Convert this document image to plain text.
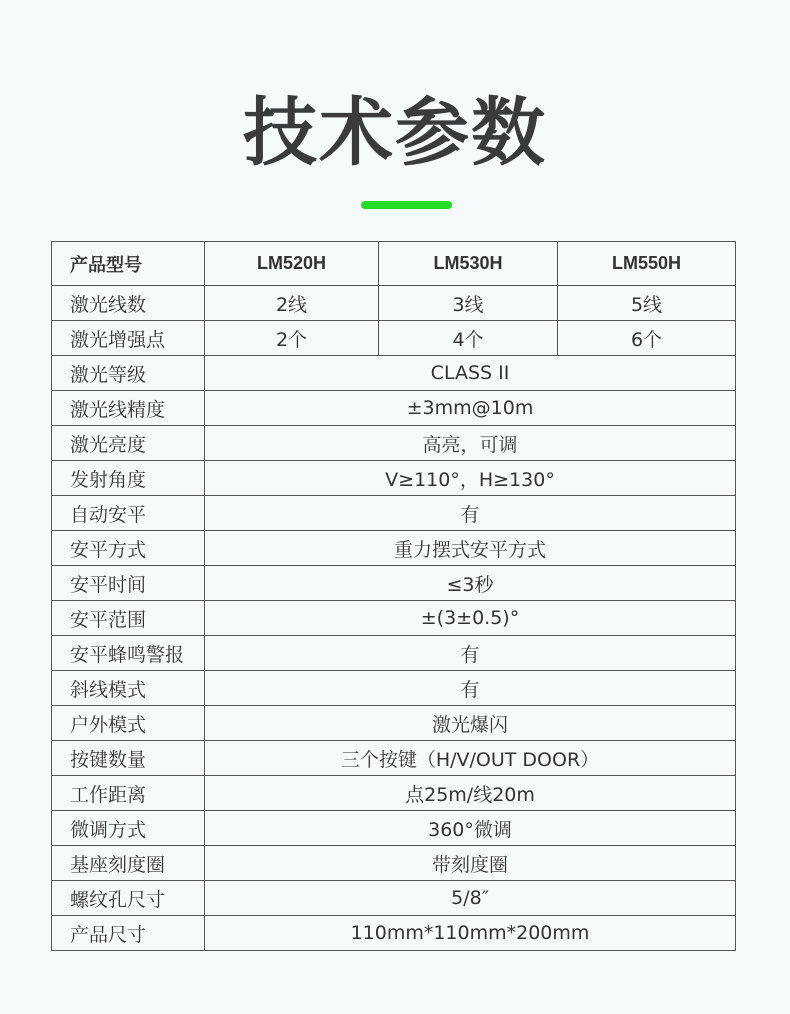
技术参数
产品型号	LM520H	LM530H	LM550H
激光线数	2线	3线	5线
激光增强点	2个	4个	6个
激光等级	CLASS II		
激光线精度	±3mm@10m		
激光亮度	高亮，可调		
发射角度	V≥110°，H≥130°		
自动安平	有		
安平方式	重力摆式安平方式		
安平时间	≤3秒		
安平范围	±(3±0.5)°		
安平蜂鸣警报	有		
斜线模式	有		
户外模式	激光爆闪		
按键数量	三个按键（H/V/OUT DOOR）		
工作距离	点25m/线20m		
微调方式	360°微调		
基座刻度圈	带刻度圈		
螺纹孔尺寸	5/8″		
产品尺寸	110mm*110mm*200mm		
